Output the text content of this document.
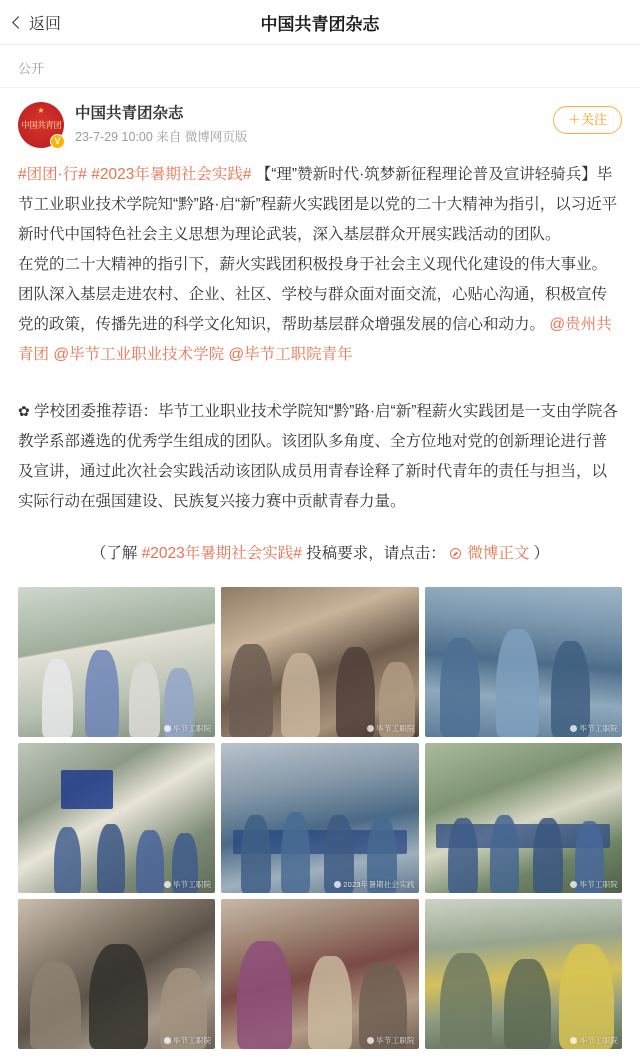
返回	中国共青团杂志
公开
★
中国共青团
V
中国共青团杂志
23-7-29 10:00 来自 微博网页版
＋关注

#团团·行# #2023年暑期社会实践# 【“理”赞新时代·筑梦新征程理论普及宣讲轻骑兵】毕节工业职业技术学院知“黔”路·启“新”程薪火实践团是以党的二十大精神为指引，以习近平新时代中国特色社会主义思想为理论武装，深入基层群众开展实践活动的团队。

在党的二十大精神的指引下，薪火实践团积极投身于社会主义现代化建设的伟大事业。团队深入基层走进农村、企业、社区、学校与群众面对面交流，心贴心沟通，积极宣传党的政策，传播先进的科学文化知识，帮助基层群众增强发展的信心和动力。 @贵州共青团 @毕节工业职业技术学院 @毕节工职院青年

✿ 学校团委推荐语：毕节工业职业技术学院知“黔”路·启“新”程薪火实践团是一支由学院各教学系部遴选的优秀学生组成的团队。该团队多角度、全方位地对党的创新理论进行普及宣讲，通过此次社会实践活动该团队成员用青春诠释了新时代青年的责任与担当，以实际行动在强国建设、民族复兴接力赛中贡献青春力量。

（了解 #2023年暑期社会实践# 投稿要求，请点击： 微博正文 ）
毕节工职院	毕节工职院	毕节工职院
毕节工职院	2023年暑期社会实践	毕节工职院
毕节工职院	毕节工职院	毕节工职院
